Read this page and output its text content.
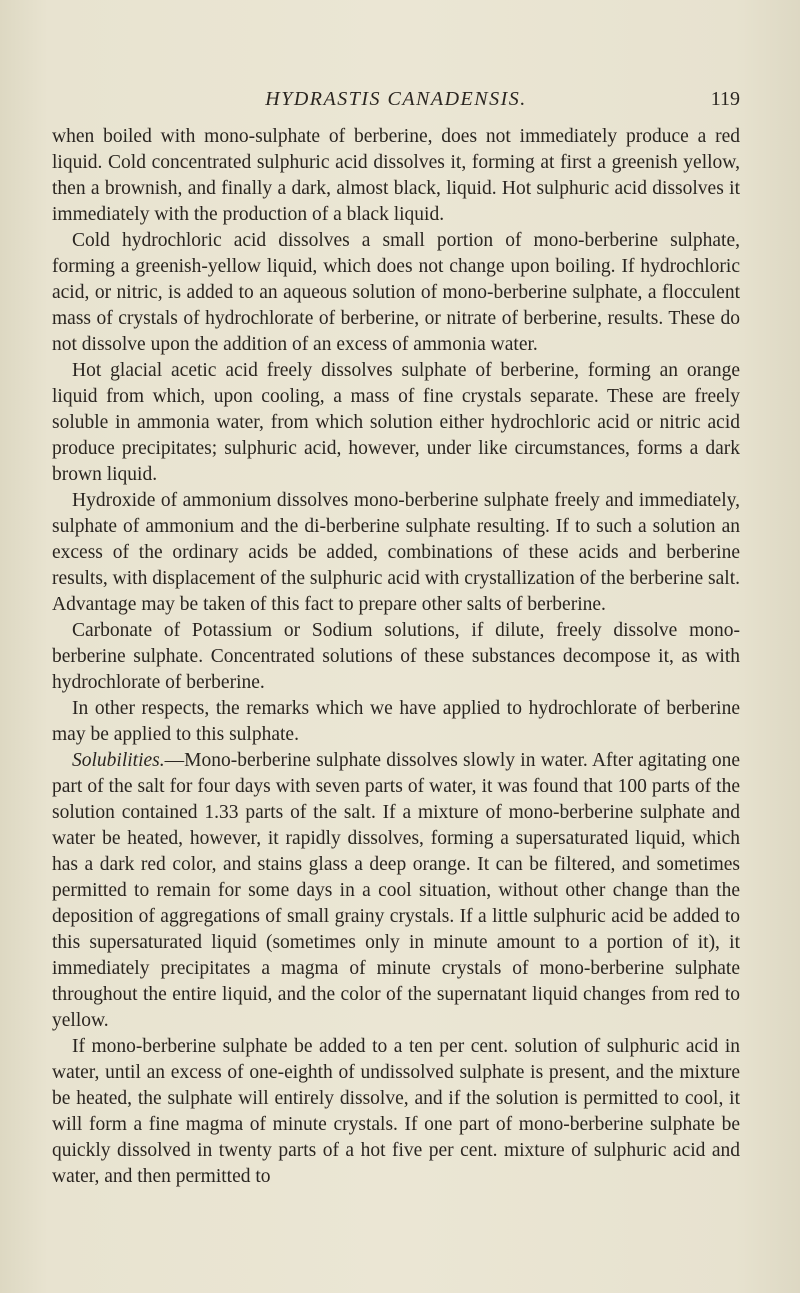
HYDRASTIS CANADENSIS.	119

when boiled with mono-sulphate of berberine, does not immediately produce a red liquid. Cold concentrated sulphuric acid dissolves it, forming at first a greenish yellow, then a brownish, and finally a dark, almost black, liquid. Hot sulphuric acid dissolves it immediately with the production of a black liquid.

Cold hydrochloric acid dissolves a small portion of mono-berberine sulphate, forming a greenish-yellow liquid, which does not change upon boiling. If hydrochloric acid, or nitric, is added to an aqueous solution of mono-berberine sulphate, a flocculent mass of crystals of hydrochlorate of berberine, or nitrate of berberine, results. These do not dissolve upon the addition of an excess of ammonia water.

Hot glacial acetic acid freely dissolves sulphate of berberine, forming an orange liquid from which, upon cooling, a mass of fine crystals separate. These are freely soluble in ammonia water, from which solution either hydrochloric acid or nitric acid produce precipitates; sulphuric acid, however, under like circumstances, forms a dark brown liquid.

Hydroxide of ammonium dissolves mono-berberine sulphate freely and immediately, sulphate of ammonium and the di-berberine sulphate resulting. If to such a solution an excess of the ordinary acids be added, combinations of these acids and berberine results, with displacement of the sulphuric acid with crystallization of the berberine salt. Advantage may be taken of this fact to prepare other salts of berberine.

Carbonate of Potassium or Sodium solutions, if dilute, freely dissolve mono-berberine sulphate. Concentrated solutions of these substances decompose it, as with hydrochlorate of berberine.

In other respects, the remarks which we have applied to hydrochlorate of berberine may be applied to this sulphate.

Solubilities.—Mono-berberine sulphate dissolves slowly in water. After agitating one part of the salt for four days with seven parts of water, it was found that 100 parts of the solution contained 1.33 parts of the salt. If a mixture of mono-berberine sulphate and water be heated, however, it rapidly dissolves, forming a supersaturated liquid, which has a dark red color, and stains glass a deep orange. It can be filtered, and sometimes permitted to remain for some days in a cool situation, without other change than the deposition of aggregations of small grainy crystals. If a little sulphuric acid be added to this supersaturated liquid (sometimes only in minute amount to a portion of it), it immediately precipitates a magma of minute crystals of mono-berberine sulphate throughout the entire liquid, and the color of the supernatant liquid changes from red to yellow.

If mono-berberine sulphate be added to a ten per cent. solution of sulphuric acid in water, until an excess of one-eighth of undissolved sulphate is present, and the mixture be heated, the sulphate will entirely dissolve, and if the solution is permitted to cool, it will form a fine magma of minute crystals. If one part of mono-berberine sulphate be quickly dissolved in twenty parts of a hot five per cent. mixture of sulphuric acid and water, and then permitted to
